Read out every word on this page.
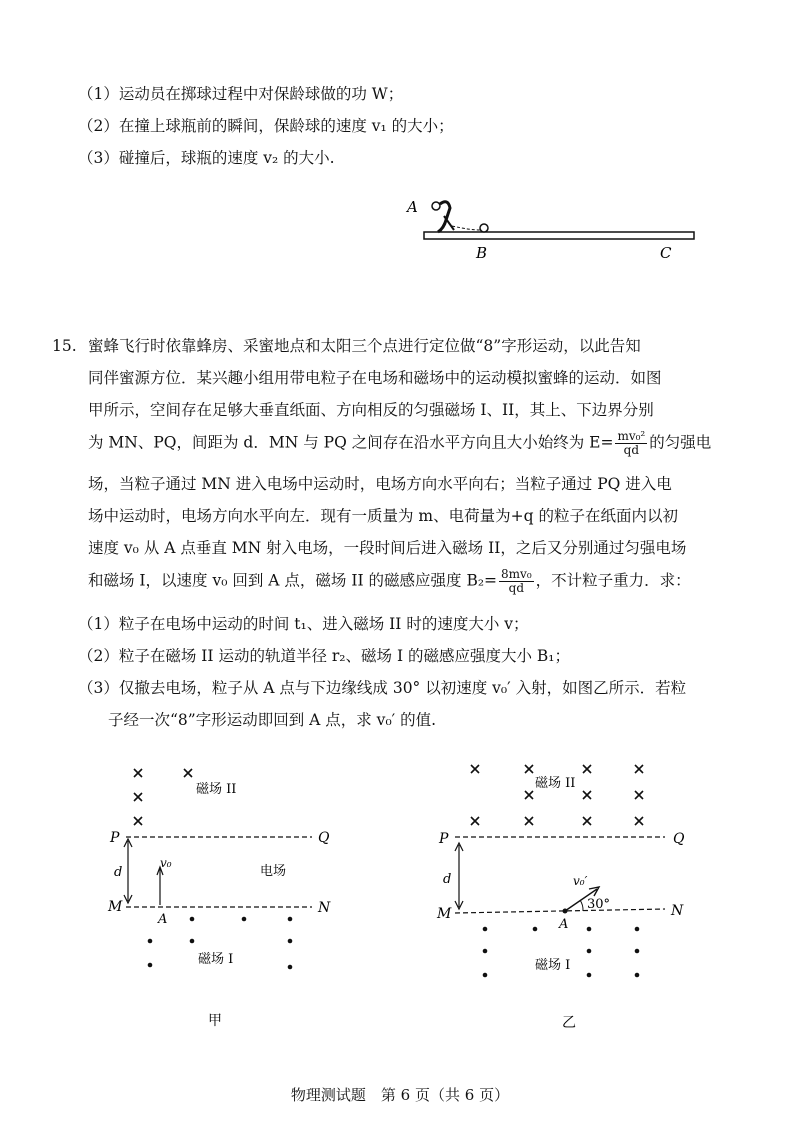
（1）运动员在掷球过程中对保龄球做的功 W；
（2）在撞上球瓶前的瞬间，保龄球的速度 v₁ 的大小；
（3）碰撞后，球瓶的速度 v₂ 的大小.
A
B	C
15. 蜜蜂飞行时依靠蜂房、采蜜地点和太阳三个点进行定位做“8”字形运动，以此告知
同伴蜜源方位．某兴趣小组用带电粒子在电场和磁场中的运动模拟蜜蜂的运动．如图
甲所示，空间存在足够大垂直纸面、方向相反的匀强磁场 I、II，其上、下边界分别
为 MN、PQ，间距为 d．MN 与 PQ 之间存在沿水平方向且大小始终为 $E= \frac{\text{mv₀²}}{qd}$ 的匀强电
场，当粒子通过 MN 进入电场中运动时，电场方向水平向右；当粒子通过 PQ 进入电
场中运动时，电场方向水平向左．现有一质量为 m、电荷量为+q 的粒子在纸面内以初
速度 v₀ 从 A 点垂直 MN 射入电场，一段时间后进入磁场 II，之后又分别通过匀强电场
和磁场 I，以速度 v₀ 回到 A 点，磁场 II 的磁感应强度 $B_2= \frac{\text{8mv₀}}{qd}$ ，不计粒子重力．求：
（1）粒子在电场中运动的时间 t₁、进入磁场 II 时的速度大小 v；
（2）粒子在磁场 II 运动的轨道半径 r₂、磁场 I 的磁感应强度大小 B₁；
（3）仅撤去电场，粒子从 A 点与下边缘线成 30° 以初速度 v₀′ 入射，如图乙所示．若粒
子经一次“8”字形运动即回到 A 点，求 v₀′ 的值.
磁场 II
P	Q
M	N
d
v₀
A
电场
磁场 I
甲
磁场 II
P	Q
M	N
d	v₀′
30°
A
磁场 I
乙
物理测试题　第 6 页（共 6 页）
